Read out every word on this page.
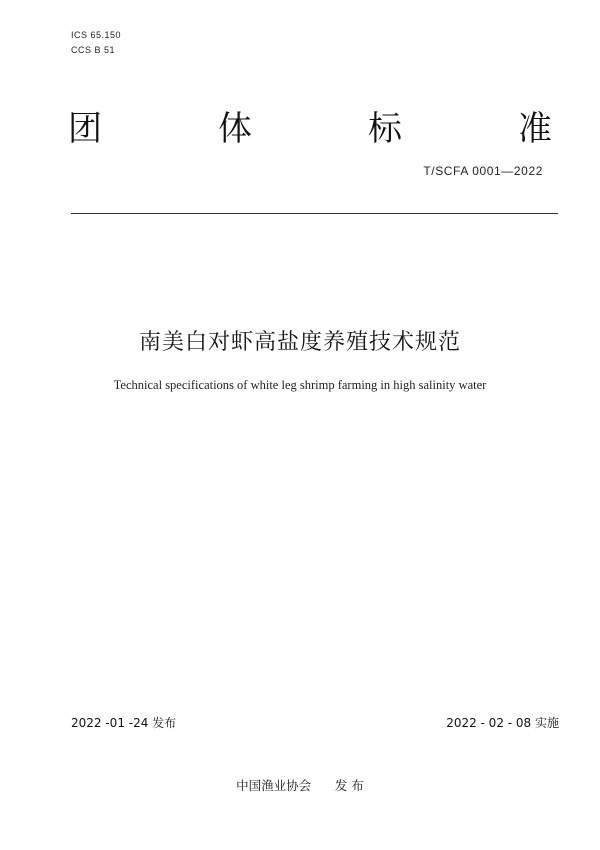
ICS 65.150
CCS B 51
团	体	标	准
T/SCFA 0001—2022
南美白对虾高盐度养殖技术规范
Technical specifications of white leg shrimp farming in high salinity water
2022 -01 -24 发布	2022 - 02 - 08 实施
中国渔业协会      发 布
